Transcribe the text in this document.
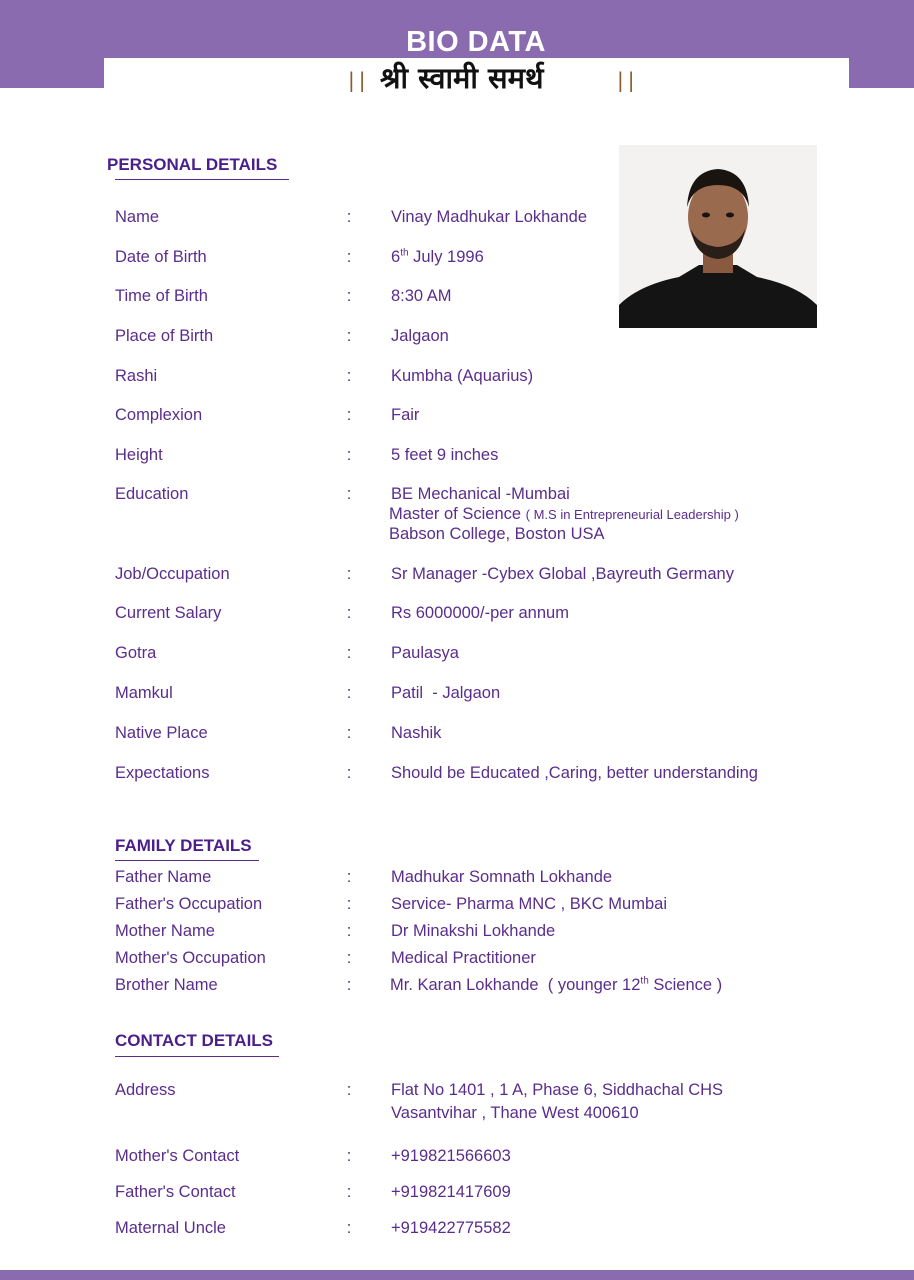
BIO DATA
|| श्री स्वामी समर्थ	||
PERSONAL DETAILS
Name	: Vinay Madhukar Lokhande
Date of Birth	: 6th July 1996
Time of Birth	: 8:30 AM
Place of Birth	: Jalgaon
Rashi	: Kumbha (Aquarius)
Complexion	: Fair
Height	: 5 feet 9 inches
Education	: BE Mechanical -Mumbai
Master of Science ( M.S in Entrepreneurial Leadership )
Babson College, Boston USA
Job/Occupation	: Sr Manager -Cybex Global ,Bayreuth Germany
Current Salary	: Rs 6000000/-per annum
Gotra	: Paulasya
Mamkul	: Patil  - Jalgaon
Native Place	: Nashik
Expectations	: Should be Educated ,Caring, better understanding
FAMILY DETAILS
Father Name	: Madhukar Somnath Lokhande
Father's Occupation	: Service- Pharma MNC , BKC Mumbai
Mother Name	: Dr Minakshi Lokhande
Mother's Occupation	: Medical Practitioner
Brother Name	: Mr. Karan Lokhande  ( younger 12th Science )
CONTACT DETAILS
Address	: Flat No 1401 , 1 A, Phase 6, Siddhachal CHS
Vasantvihar , Thane West 400610
Mother's Contact	: +919821566603
Father's Contact	: +919821417609
Maternal Uncle	: +919422775582
